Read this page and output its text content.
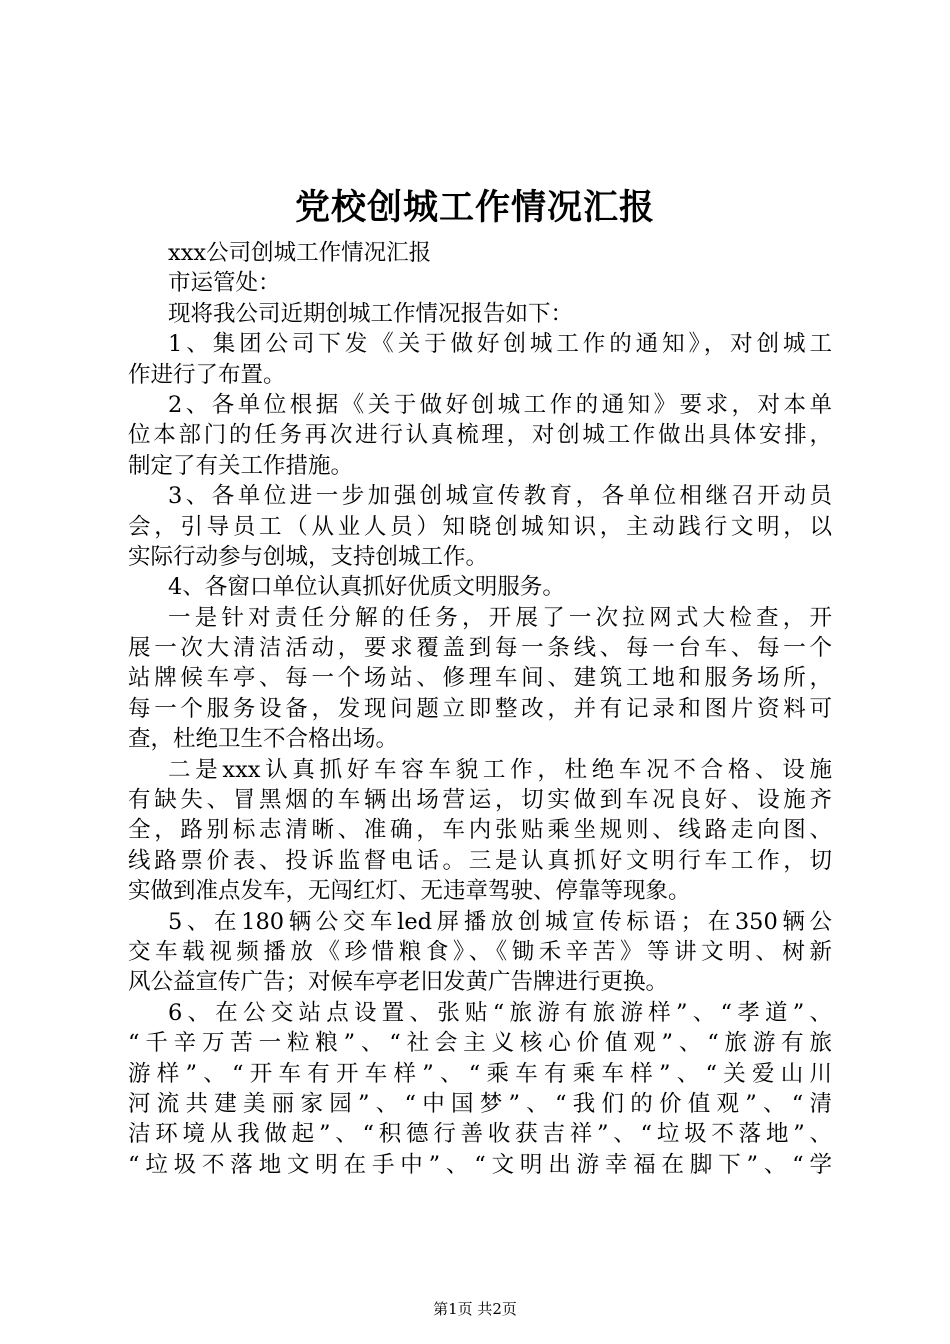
党校创城工作情况汇报
xxx公司创城工作情况汇报
市运管处：
现将我公司近期创城工作情况报告如下：
1、集团公司下发《关于做好创城工作的通知》，对创城工
作进行了布置。
2、各单位根据《关于做好创城工作的通知》要求，对本单
位本部门的任务再次进行认真梳理，对创城工作做出具体安排，
制定了有关工作措施。
3、各单位进一步加强创城宣传教育，各单位相继召开动员
会，引导员工（从业人员）知晓创城知识，主动践行文明，以
实际行动参与创城，支持创城工作。
4、各窗口单位认真抓好优质文明服务。
一是针对责任分解的任务，开展了一次拉网式大检查，开
展一次大清洁活动，要求覆盖到每一条线、每一台车、每一个
站牌候车亭、每一个场站、修理车间、建筑工地和服务场所，
每一个服务设备，发现问题立即整改，并有记录和图片资料可
查，杜绝卫生不合格出场。
二是xxx认真抓好车容车貌工作，杜绝车况不合格、设施
有缺失、冒黑烟的车辆出场营运，切实做到车况良好、设施齐
全，路别标志清晰、准确，车内张贴乘坐规则、线路走向图、
线路票价表、投诉监督电话。三是认真抓好文明行车工作，切
实做到准点发车，无闯红灯、无违章驾驶、停靠等现象。
5、在180辆公交车led屏播放创城宣传标语；在350辆公
交车载视频播放《珍惜粮食》、《锄禾辛苦》等讲文明、树新
风公益宣传广告；对候车亭老旧发黄广告牌进行更换。
6、在公交站点设置、张贴“旅游有旅游样”、“孝道”、
“千辛万苦一粒粮”、“社会主义核心价值观”、“旅游有旅
游样”、“开车有开车样”、“乘车有乘车样”、“关爱山川
河流共建美丽家园”、“中国梦”、“我们的价值观”、“清
洁环境从我做起”、“积德行善收获吉祥”、“垃圾不落地”、
“垃圾不落地文明在手中”、“文明出游幸福在脚下”、“学
第1页 共2页
